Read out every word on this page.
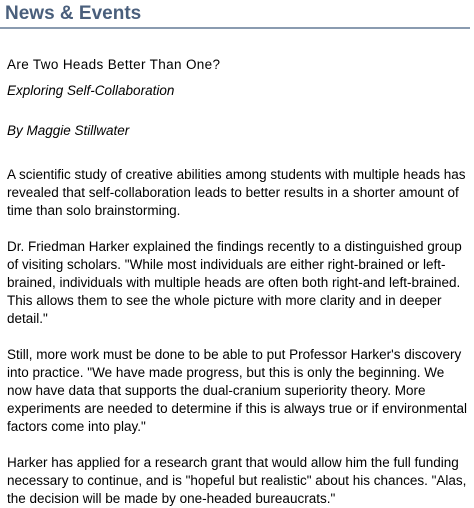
News & Events
Are Two Heads Better Than One?

Exploring Self-Collaboration

By Maggie Stillwater

A scientific study of creative abilities among students with multiple heads has revealed that self-collaboration leads to better results in a shorter amount of time than solo brainstorming.

Dr. Friedman Harker explained the findings recently to a distinguished group of visiting scholars. "While most individuals are either right-brained or left-brained, individuals with multiple heads are often both right-and left-brained. This allows them to see the whole picture with more clarity and in deeper detail."

Still, more work must be done to be able to put Professor Harker's discovery into practice. "We have made progress, but this is only the beginning. We now have data that supports the dual-cranium superiority theory. More experiments are needed to determine if this is always true or if environmental factors come into play."

Harker has applied for a research grant that would allow him the full funding necessary to continue, and is "hopeful but realistic" about his chances. "Alas, the decision will be made by one-headed bureaucrats."
